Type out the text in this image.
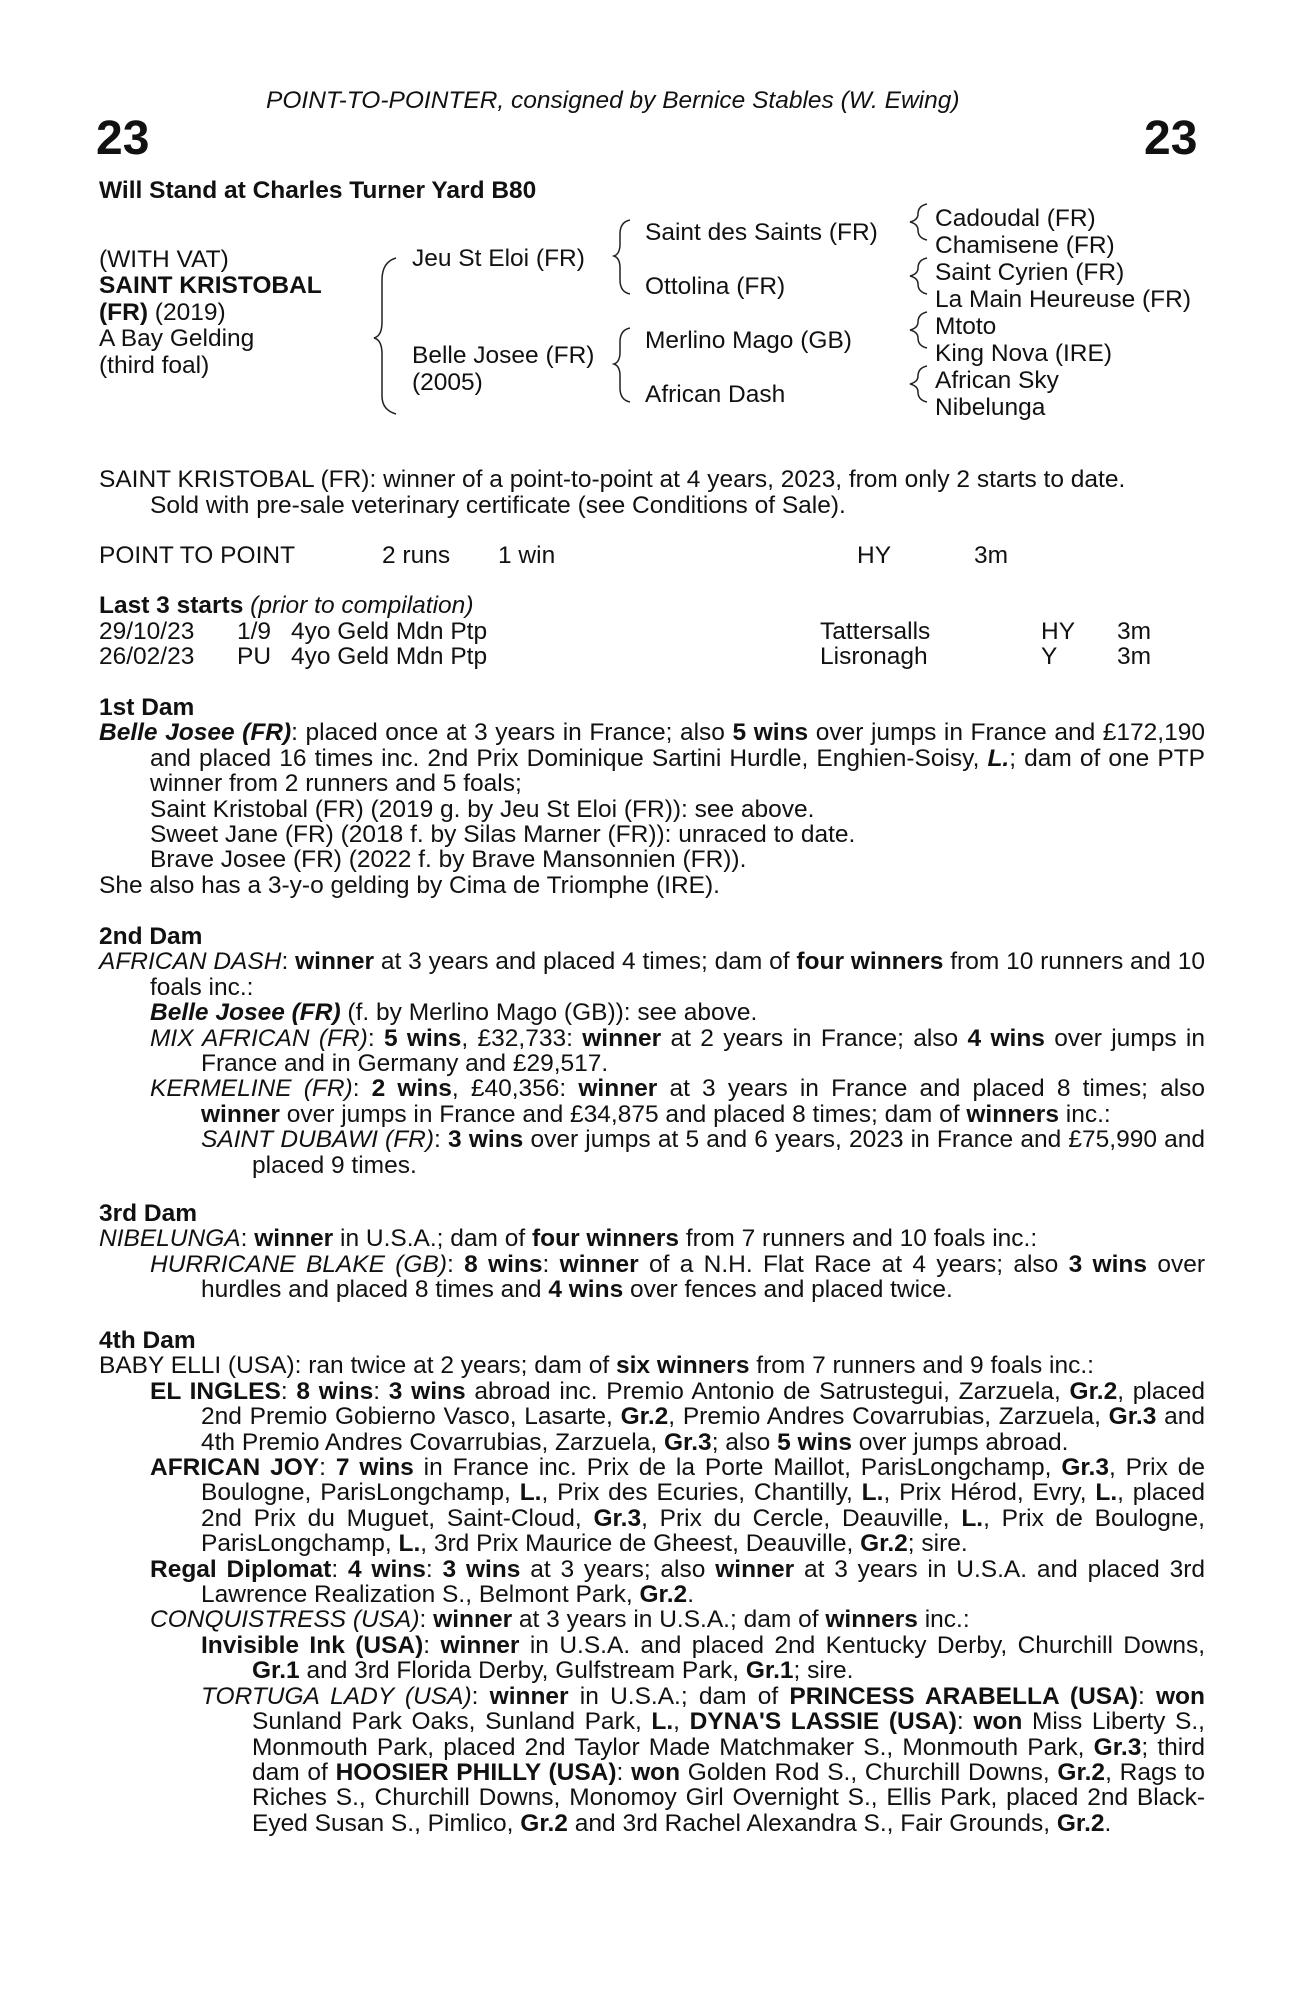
POINT-TO-POINTER, consigned by Bernice Stables (W. Ewing)
23	23
Will Stand at Charles Turner Yard B80
(WITH VAT)
SAINT KRISTOBAL
(FR) (2019)
A Bay Gelding
(third foal)
Jeu St Eloi (FR)
Belle Josee (FR)
(2005)
Saint des Saints (FR)
Ottolina (FR)
Merlino Mago (GB)
African Dash
Cadoudal (FR)
Chamisene (FR)
Saint Cyrien (FR)
La Main Heureuse (FR)
Mtoto
King Nova (IRE)
African Sky
Nibelunga
SAINT KRISTOBAL (FR): winner of a point-to-point at 4 years, 2023, from only 2 starts to date.
Sold with pre-sale veterinary certificate (see Conditions of Sale).
POINT TO POINT	2 runs 1 win	HY	3m
Last 3 starts (prior to compilation)
29/10/23 1/9 4yo Geld Mdn Ptp	Tattersalls	HY 3m
26/02/23 PU 4yo Geld Mdn Ptp	Lisronagh	Y 3m
1st Dam
Belle Josee (FR): placed once at 3 years in France; also 5 wins over jumps in France and £172,190 and placed 16 times inc. 2nd Prix Dominique Sartini Hurdle, Enghien-Soisy, L.; dam of one PTP winner from 2 runners and 5 foals;
Saint Kristobal (FR) (2019 g. by Jeu St Eloi (FR)): see above.
Sweet Jane (FR) (2018 f. by Silas Marner (FR)): unraced to date.
Brave Josee (FR) (2022 f. by Brave Mansonnien (FR)).
She also has a 3-y-o gelding by Cima de Triomphe (IRE).
2nd Dam
AFRICAN DASH: winner at 3 years and placed 4 times; dam of four winners from 10 runners and 10 foals inc.:
Belle Josee (FR) (f. by Merlino Mago (GB)): see above.
MIX AFRICAN (FR): 5 wins, £32,733: winner at 2 years in France; also 4 wins over jumps in France and in Germany and £29,517.
KERMELINE (FR): 2 wins, £40,356: winner at 3 years in France and placed 8 times; also winner over jumps in France and £34,875 and placed 8 times; dam of winners inc.:
SAINT DUBAWI (FR): 3 wins over jumps at 5 and 6 years, 2023 in France and £75,990 and placed 9 times.
3rd Dam
NIBELUNGA: winner in U.S.A.; dam of four winners from 7 runners and 10 foals inc.:
HURRICANE BLAKE (GB): 8 wins: winner of a N.H. Flat Race at 4 years; also 3 wins over hurdles and placed 8 times and 4 wins over fences and placed twice.
4th Dam
BABY ELLI (USA): ran twice at 2 years; dam of six winners from 7 runners and 9 foals inc.:
EL INGLES: 8 wins: 3 wins abroad inc. Premio Antonio de Satrustegui, Zarzuela, Gr.2, placed 2nd Premio Gobierno Vasco, Lasarte, Gr.2, Premio Andres Covarrubias, Zarzuela, Gr.3 and 4th Premio Andres Covarrubias, Zarzuela, Gr.3; also 5 wins over jumps abroad.
AFRICAN JOY: 7 wins in France inc. Prix de la Porte Maillot, ParisLongchamp, Gr.3, Prix de Boulogne, ParisLongchamp, L., Prix des Ecuries, Chantilly, L., Prix Hérod, Evry, L., placed 2nd Prix du Muguet, Saint-Cloud, Gr.3, Prix du Cercle, Deauville, L., Prix de Boulogne, ParisLongchamp, L., 3rd Prix Maurice de Gheest, Deauville, Gr.2; sire.
Regal Diplomat: 4 wins: 3 wins at 3 years; also winner at 3 years in U.S.A. and placed 3rd Lawrence Realization S., Belmont Park, Gr.2.
CONQUISTRESS (USA): winner at 3 years in U.S.A.; dam of winners inc.:
Invisible Ink (USA): winner in U.S.A. and placed 2nd Kentucky Derby, Churchill Downs, Gr.1 and 3rd Florida Derby, Gulfstream Park, Gr.1; sire.
TORTUGA LADY (USA): winner in U.S.A.; dam of PRINCESS ARABELLA (USA): won Sunland Park Oaks, Sunland Park, L., DYNA'S LASSIE (USA): won Miss Liberty S., Monmouth Park, placed 2nd Taylor Made Matchmaker S., Monmouth Park, Gr.3; third dam of HOOSIER PHILLY (USA): won Golden Rod S., Churchill Downs, Gr.2, Rags to Riches S., Churchill Downs, Monomoy Girl Overnight S., Ellis Park, placed 2nd Black-Eyed Susan S., Pimlico, Gr.2 and 3rd Rachel Alexandra S., Fair Grounds, Gr.2.
